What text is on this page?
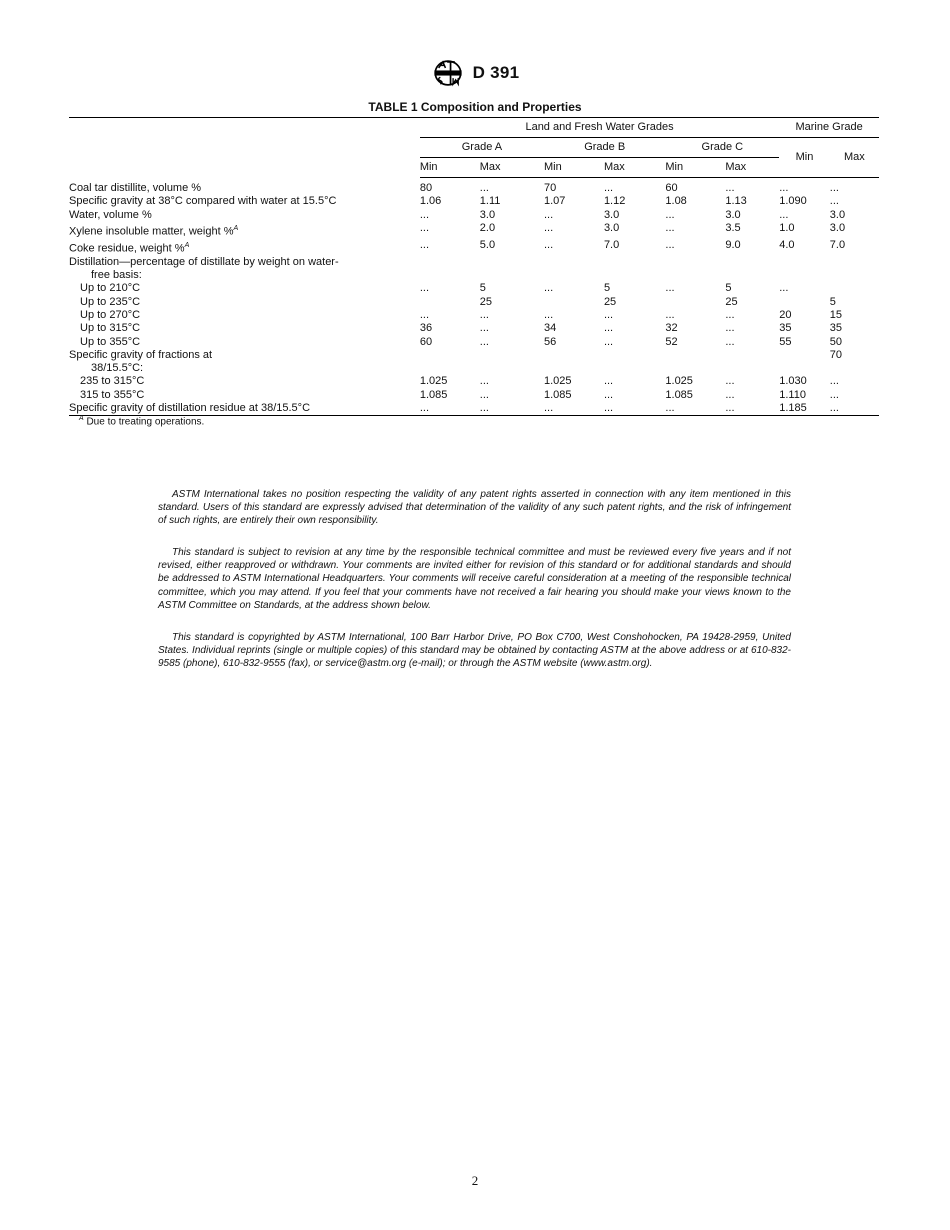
D 391
TABLE 1 Composition and Properties
	Land and Fresh Water Grades						Marine Grade	
	Grade A		Grade B		Grade C		Min	Max
	Min	Max	Min	Max	Min	Max		
Coal tar distillite, volume %	80	...	70	...	60	...	...	...
Specific gravity at 38°C compared with water at 15.5°C	1.06	1.11	1.07	1.12	1.08	1.13	1.090	...
Water, volume %	...	3.0	...	3.0	...	3.0	...	3.0
Xylene insoluble matter, weight %$^A$	...	2.0	...	3.0	...	3.5	1.0	3.0
Coke residue, weight %$^A$	...	5.0	...	7.0	...	9.0	4.0	7.0
Distillation—percentage of distillate by weight on water-								
free basis:								
Up to 210°C	...	5	...	5	...	5	...	
Up to 235°C		25		25		25		5
Up to 270°C	...	...	...	...	...	...	20	15
Up to 315°C	36	...	34	...	32	...	35	35
Up to 355°C	60	...	56	...	52	...	55	50
Specific gravity of fractions at								70
38/15.5°C:								
235 to 315°C	1.025	...	1.025	...	1.025	...	1.030	...
315 to 355°C	1.085	...	1.085	...	1.085	...	1.110	...
Specific gravity of distillation residue at 38/15.5°C	...	...	...	...	...	...	1.185	...
$^A$ Due to treating operations.

ASTM International takes no position respecting the validity of any patent rights asserted in connection with any item mentioned in this standard. Users of this standard are expressly advised that determination of the validity of any such patent rights, and the risk of infringement of such rights, are entirely their own responsibility.

This standard is subject to revision at any time by the responsible technical committee and must be reviewed every five years and if not revised, either reapproved or withdrawn. Your comments are invited either for revision of this standard or for additional standards and should be addressed to ASTM International Headquarters. Your comments will receive careful consideration at a meeting of the responsible technical committee, which you may attend. If you feel that your comments have not received a fair hearing you should make your views known to the ASTM Committee on Standards, at the address shown below.

This standard is copyrighted by ASTM International, 100 Barr Harbor Drive, PO Box C700, West Conshohocken, PA 19428-2959, United States. Individual reprints (single or multiple copies) of this standard may be obtained by contacting ASTM at the above address or at 610-832-9585 (phone), 610-832-9555 (fax), or service@astm.org (e-mail); or through the ASTM website (www.astm.org).

2
